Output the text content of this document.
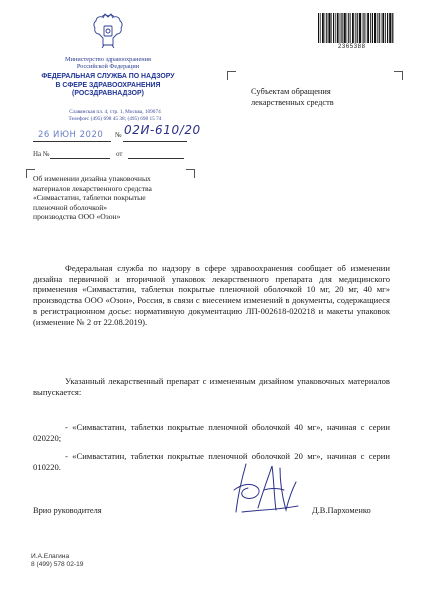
Министерство здравоохранения
Российской Федерации
ФЕДЕРАЛЬНАЯ СЛУЖБА ПО НАДЗОРУ
В СФЕРЕ ЗДРАВООХРАНЕНИЯ
(РОСЗДРАВНАДЗОР)
Славянская пл. 4, стр. 1, Москва, 109074
Телефон: (495) 698 45 38; (495) 698 15 74
26 ИЮН 2020 № 02И-610/20
На №	от
2365388
Субъектам обращения
лекарственных средств
Об изменении дизайна упаковочных
материалов лекарственного средства
«Симвастатин, таблетки покрытые
пленочной оболочкой»
производства ООО «Озон»
Федеральная служба по надзору в сфере здравоохранения сообщает об изменении дизайна первичной и вторичной упаковок лекарственного препарата для медицинского применения «Симвастатин, таблетки покрытые пленочной оболочкой 10 мг, 20 мг, 40 мг» производства ООО «Озон», Россия, в связи с внесением изменений в документы, содержащиеся в регистрационном досье: нормативную документацию ЛП-002618-020218 и макеты упаковок (изменение № 2 от 22.08.2019).
Указанный лекарственный препарат с измененным дизайном упаковочных материалов выпускается:
- «Симвастатин, таблетки покрытые пленочной оболочкой 40 мг», начиная с серии 020220;
- «Симвастатин, таблетки покрытые пленочной оболочкой 20 мг», начиная с серии 010220.
Врио руководителя	Д.В.Пархоменко
И.А.Елагина
8 (499) 578 02-19
